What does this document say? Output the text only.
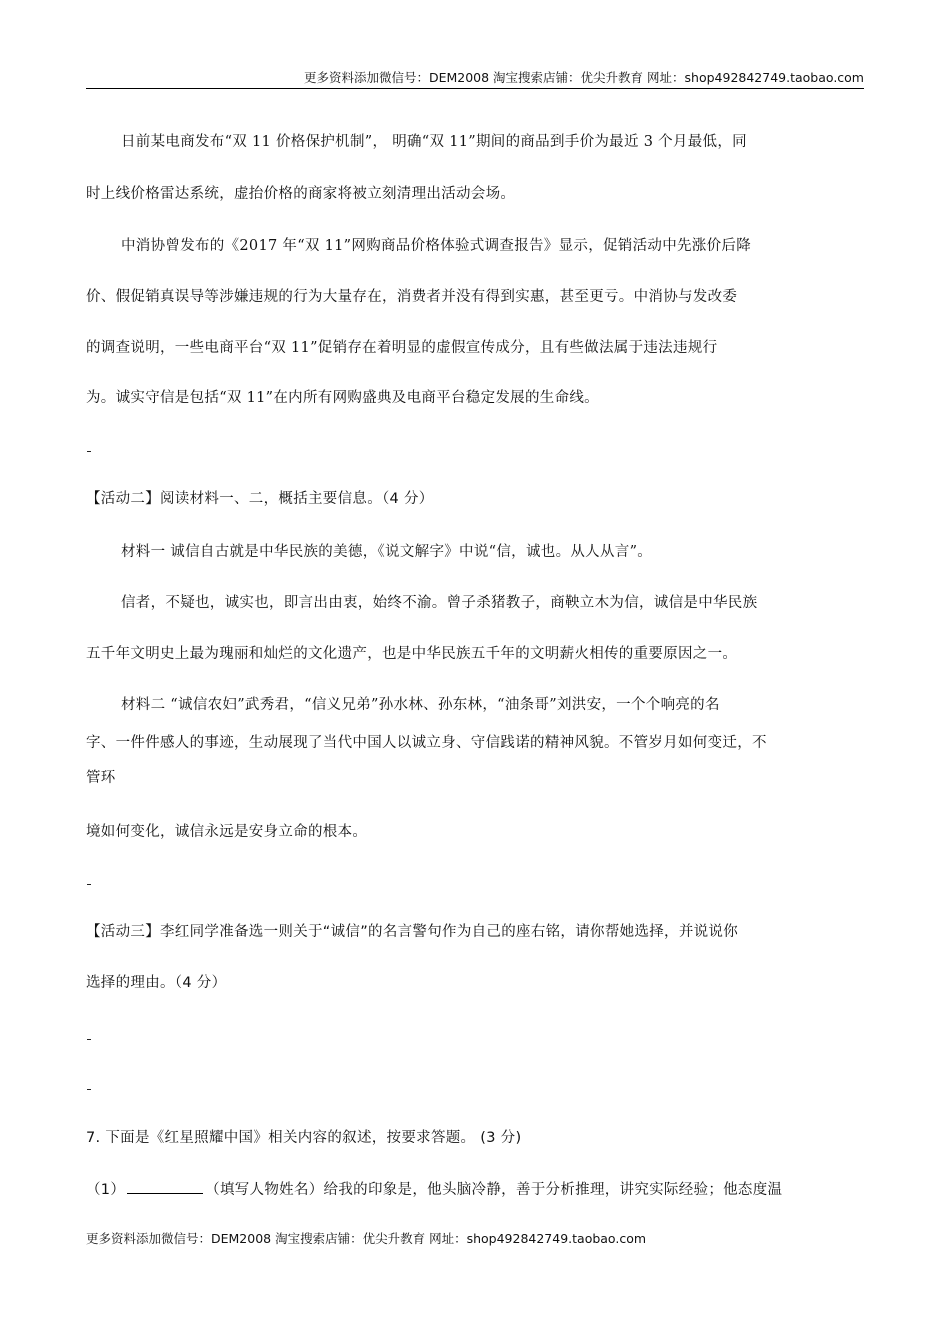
更多资料添加微信号：DEM2008 淘宝搜索店铺：优尖升教育 网址：shop492842749.taobao.com
日前某电商发布“双 11 价格保护机制”， 明确“双 11”期间的商品到手价为最近 3 个月最低，同
时上线价格雷达系统，虚抬价格的商家将被立刻清理出活动会场。
中消协曾发布的《2017 年“双 11”网购商品价格体验式调查报告》显示，促销活动中先涨价后降
价、假促销真误导等涉嫌违规的行为大量存在，消费者并没有得到实惠，甚至更亏。中消协与发改委
的调查说明，一些电商平台“双 11”促销存在着明显的虚假宣传成分，且有些做法属于违法违规行
为。诚实守信是包括“双 11”在内所有网购盛典及电商平台稳定发展的生命线。
【活动二】阅读材料一、二，概括主要信息。（4 分）
材料一 诚信自古就是中华民族的美德，《说文解字》中说“信，诚也。从人从言”。
信者，不疑也，诚实也，即言出由衷，始终不渝。曾子杀猪教子，商鞅立木为信，诚信是中华民族
五千年文明史上最为瑰丽和灿烂的文化遗产，也是中华民族五千年的文明薪火相传的重要原因之一。
材料二 “诚信农妇”武秀君，“信义兄弟”孙水林、孙东林，“油条哥”刘洪安，一个个响亮的名
字、一件件感人的事迹，生动展现了当代中国人以诚立身、守信践诺的精神风貌。不管岁月如何变迁，不
管环
境如何变化，诚信永远是安身立命的根本。
【活动三】李红同学准备选一则关于“诚信”的名言警句作为自己的座右铭，请你帮她选择，并说说你
选择的理由。（4 分）
7. 下面是《红星照耀中国》相关内容的叙述，按要求答题。 (3 分)
（1）	（填写人物姓名）给我的印象是，他头脑冷静，善于分析推理，讲究实际经验；他态度温
更多资料添加微信号：DEM2008 淘宝搜索店铺：优尖升教育 网址：shop492842749.taobao.com
